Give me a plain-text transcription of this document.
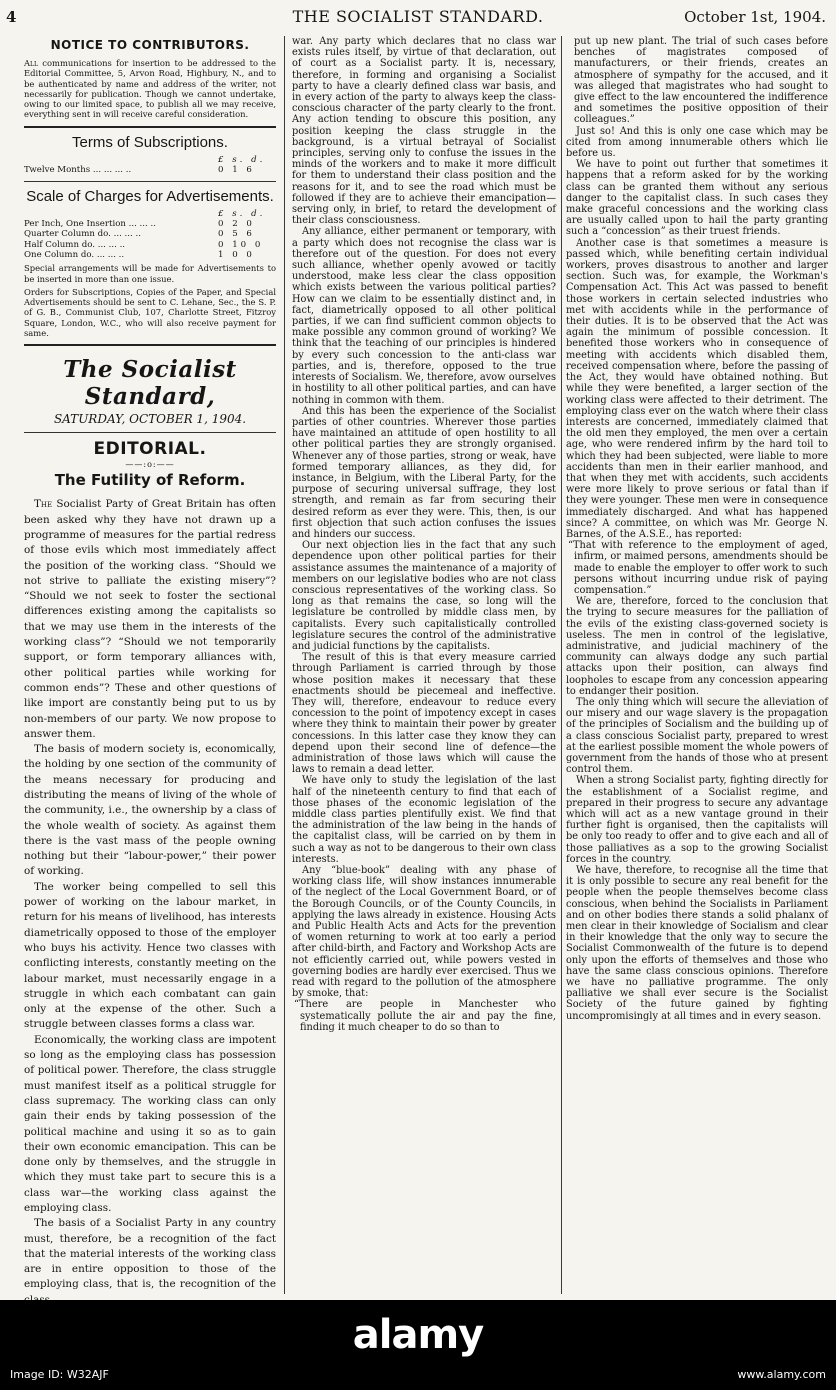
4	THE SOCIALIST STANDARD.	October 1st, 1904.
NOTICE TO CONTRIBUTORS.

All communications for insertion to be addressed to the Editorial Committee, 5, Arvon Road, Highbury, N., and to be authenticated by name and address of the writer, not necessarily for publication. Though we cannot undertake, owing to our limited space, to publish all we may receive, everything sent in will receive careful consideration.

Terms of Subscriptions.
£ s. d.
Twelve Months ... ... ... ..	0 1 6
Scale of Charges for Advertisements.
£ s. d.
Per Inch, One Insertion ... ... ..	0 2 0
Quarter Column do. ... ... ..	0 5 6
Half Column do. ... ... ..	0 10 0
One Column do. ... ... ..	1 0 0

Special arrangements will be made for Advertisements to be inserted in more than one issue.

Orders for Subscriptions, Copies of the Paper, and Special Advertisements should be sent to C. Lehane, Sec., the S. P. of G. B., Communist Club, 107, Charlotte Street, Fitzroy Square, London, W.C., who will also receive payment for same.

The Socialist Standard,
SATURDAY, OCTOBER 1, 1904.
EDITORIAL.
——:o:——
The Futility of Reform.

The Socialist Party of Great Britain has often been asked why they have not drawn up a programme of measures for the partial redress of those evils which most immediately affect the position of the working class. “Should we not strive to palliate the existing misery”? “Should we not seek to foster the sectional differences existing among the capitalists so that we may use them in the interests of the working class”? “Should we not temporarily support, or form temporary alliances with, other political parties while working for common ends”? These and other questions of like import are constantly being put to us by non-members of our party. We now propose to answer them.

The basis of modern society is, economically, the holding by one section of the community of the means necessary for producing and distributing the means of living of the whole of the community, i.e., the ownership by a class of the whole wealth of society. As against them there is the vast mass of the people owning nothing but their “labour-power,” their power of working.

The worker being compelled to sell this power of working on the labour market, in return for his means of livelihood, has interests diametrically opposed to those of the employer who buys his activity. Hence two classes with conflicting interests, constantly meeting on the labour market, must necessarily engage in a struggle in which each combatant can gain only at the expense of the other. Such a struggle between classes forms a class war.

Economically, the working class are impotent so long as the employing class has possession of political power. Therefore, the class struggle must manifest itself as a political struggle for class supremacy. The working class can only gain their ends by taking possession of the political machine and using it so as to gain their own economic emancipation. This can be done only by themselves, and the struggle in which they must take part to secure this is a class war—the working class against the employing class.

The basis of a Socialist Party in any country must, therefore, be a recognition of the fact that the material interests of the working class are in entire opposition to those of the employing class, that is, the recognition of the

war. Any party which declares that no class war exists rules itself, by virtue of that declaration, out of court as a Socialist party. It is, necessary, therefore, in forming and organising a Socialist party to have a clearly defined class war basis, and in every action of the party to always keep the class-conscious character of the party clearly to the front. Any action tending to obscure this position, any position keeping the class struggle in the background, is a virtual betrayal of Socialist principles, serving only to confuse the issues in the minds of the workers and to make it more difficult for them to understand their class position and the reasons for it, and to see the road which must be followed if they are to achieve their emancipation—serving only, in brief, to retard the development of their class consciousness.

Any alliance, either permanent or temporary, with a party which does not recognise the class war is therefore out of the question. For does not every such alliance, whether openly avowed or tacitly understood, make less clear the class opposition which exists between the various political parties? How can we claim to be essentially distinct and, in fact, diametrically opposed to all other political parties, if we can find sufficient common objects to make possible any common ground of working? We think that the teaching of our principles is hindered by every such concession to the anti-class war parties, and is, therefore, opposed to the true interests of Socialism. We, therefore, avow ourselves in hostility to all other political parties, and can have nothing in common with them.

And this has been the experience of the Socialist parties of other countries. Wherever those parties have maintained an attitude of open hostility to all other political parties they are strongly organised. Whenever any of those parties, strong or weak, have formed temporary alliances, as they did, for instance, in Belgium, with the Liberal Party, for the purpose of securing universal suffrage, they lost strength, and remain as far from securing their desired reform as ever they were. This, then, is our first objection that such action confuses the issues and hinders our success.

Our next objection lies in the fact that any such dependence upon other political parties for their assistance assumes the maintenance of a majority of members on our legislative bodies who are not class conscious representatives of the working class. So long as that remains the case, so long will the legislature be controlled by middle class men, by capitalists. Every such capitalistically controlled legislature secures the control of the administrative and judicial functions by the capitalists.

The result of this is that every measure carried through Parliament is carried through by those whose position makes it necessary that these enactments should be piecemeal and ineffective. They will, therefore, endeavour to reduce every concession to the point of impotency except in cases where they think to maintain their power by greater concessions. In this latter case they know they can depend upon their second line of defence—the administration of those laws which will cause the laws to remain a dead letter.

We have only to study the legislation of the last half of the nineteenth century to find that each of those phases of the economic legislation of the middle class parties plentifully exist. We find that the administration of the law being in the hands of the capitalist class, will be carried on by them in such a way as not to be dangerous to their own class interests.

Any “blue-book” dealing with any phase of working class life, will show instances innumerable of the neglect of the Local Government Board, or of the Borough Councils, or of the County Councils, in applying the laws already in existence. Housing Acts and Public Health Acts and Acts for the prevention of women returning to work at too early a period after child-birth, and Factory and Workshop Acts are not efficiently carried out, while powers vested in governing bodies are hardly ever exercised. Thus we read with regard to the pollution of the atmosphere by smoke, that:

“There are people in Manchester who systematically pollute the air and pay the fine, finding it much cheaper to do so than to

put up new plant. The trial of such cases before benches of magistrates composed of manufacturers, or their friends, creates an atmosphere of sympathy for the accused, and it was alleged that magistrates who had sought to give effect to the law encountered the indifference and sometimes the positive opposition of their colleagues.”

Just so! And this is only one case which may be cited from among innumerable others which lie before us.

We have to point out further that sometimes it happens that a reform asked for by the working class can be granted them without any serious danger to the capitalist class. In such cases they make graceful concessions and the working class are usually called upon to hail the party granting such a “concession” as their truest friends.

Another case is that sometimes a measure is passed which, while benefiting certain individual workers, proves disastrous to another and larger section. Such was, for example, the Workman's Compensation Act. This Act was passed to benefit those workers in certain selected industries who met with accidents while in the performance of their duties. It is to be observed that the Act was again the minimum of possible concession. It benefited those workers who in consequence of meeting with accidents which disabled them, received compensation where, before the passing of the Act, they would have obtained nothing. But while they were benefited, a larger section of the working class were affected to their detriment. The employing class ever on the watch where their class interests are concerned, immediately claimed that the old men they employed, the men over a certain age, who were rendered infirm by the hard toil to which they had been subjected, were liable to more accidents than men in their earlier manhood, and that when they met with accidents, such accidents were more likely to prove serious or fatal than if they were younger. These men were in consequence immediately discharged. And what has happened since? A committee, on which was Mr. George N. Barnes, of the A.S.E., has reported:

“That with reference to the employment of aged, infirm, or maimed persons, amendments should be made to enable the employer to offer work to such persons without incurring undue risk of paying compensation.”

We are, therefore, forced to the conclusion that the trying to secure measures for the palliation of the evils of the existing class-governed society is useless. The men in control of the legislative, administrative, and judicial machinery of the community can always dodge any such partial attacks upon their position, can always find loopholes to escape from any concession appearing to endanger their position.

The only thing which will secure the alleviation of our misery and our wage slavery is the propagation of the principles of Socialism and the building up of a class conscious Socialist party, prepared to wrest at the earliest possible moment the whole powers of government from the hands of those who at present control them.

When a strong Socialist party, fighting directly for the establishment of a Socialist regime, and prepared in their progress to secure any advantage which will act as a new vantage ground in their further fight is organised, then the capitalists will be only too ready to offer and to give each and all of those palliatives as a sop to the growing Socialist forces in the country.

We have, therefore, to recognise all the time that it is only possible to secure any real benefit for the people when the people themselves become class conscious, when behind the Socialists in Parliament and on other bodies there stands a solid phalanx of men clear in their knowledge of Socialism and clear in their knowledge that the only way to secure the Socialist Commonwealth of the future is to depend only upon the efforts of themselves and those who have the same class conscious opinions. Therefore we have no palliative programme. The only palliative we shall ever secure is the Socialist Society of the future gained by fighting uncompromisingly at all times and in every season.

alamy
Image ID: W32AJF	www.alamy.com
